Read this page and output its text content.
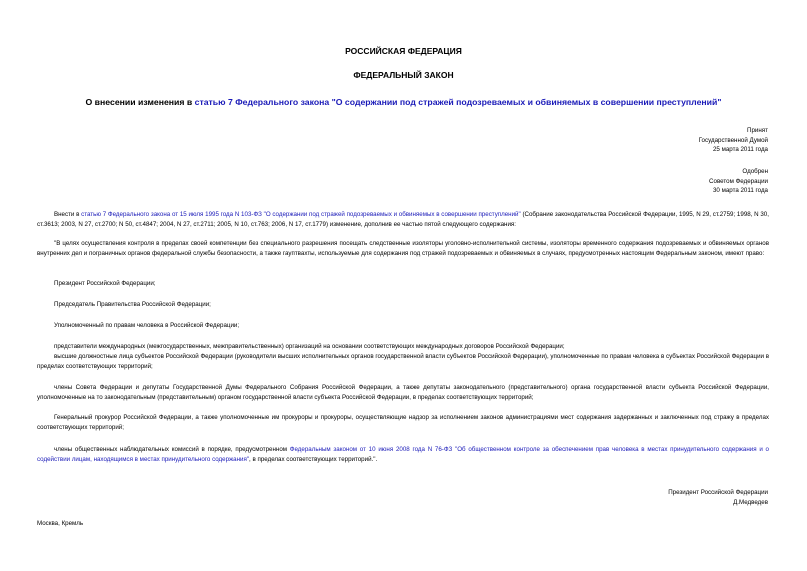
РОССИЙСКАЯ ФЕДЕРАЦИЯ
ФЕДЕРАЛЬНЫЙ ЗАКОН
О внесении изменения в статью 7 Федерального закона "О содержании под стражей подозреваемых и обвиняемых в совершении преступлений"
Принят
Государственной Думой
25 марта 2011 года
Одобрен
Советом Федерации
30 марта 2011 года
Внести в статью 7 Федерального закона от 15 июля 1995 года N 103-ФЗ "О содержании под стражей подозреваемых и обвиняемых в совершении преступлений" (Собрание законодательства Российской Федерации, 1995, N 29, ст.2759; 1998, N 30, ст.3613; 2003, N 27, ст.2700; N 50, ст.4847; 2004, N 27, ст.2711; 2005, N 10, ст.763; 2006, N 17, ст.1779) изменение, дополнив ее частью пятой следующего содержания:
"В целях осуществления контроля в пределах своей компетенции без специального разрешения посещать следственные изоляторы уголовно-исполнительной системы, изоляторы временного содержания подозреваемых и обвиняемых органов внутренних дел и пограничных органов федеральной службы безопасности, а также гауптвахты, используемые для содержания под стражей подозреваемых и обвиняемых в случаях, предусмотренных настоящим Федеральным законом, имеют право:
Президент Российской Федерации;
Председатель Правительства Российской Федерации;
Уполномоченный по правам человека в Российской Федерации;
представители международных (межгосударственных, межправительственных) организаций на основании соответствующих международных договоров Российской Федерации;
высшие должностные лица субъектов Российской Федерации (руководители высших исполнительных органов государственной власти субъектов Российской Федерации), уполномоченные по правам человека в субъектах Российской Федерации в пределах соответствующих территорий;
члены Совета Федерации и депутаты Государственной Думы Федерального Собрания Российской Федерации, а также депутаты законодательного (представительного) органа государственной власти субъекта Российской Федерации, уполномоченные на то законодательным (представительным) органом государственной власти субъекта Российской Федерации, в пределах соответствующих территорий;
Генеральный прокурор Российской Федерации, а также уполномоченные им прокуроры и прокуроры, осуществляющие надзор за исполнением законов администрациями мест содержания задержанных и заключенных под стражу в пределах соответствующих территорий;
члены общественных наблюдательных комиссий в порядке, предусмотренном Федеральным законом от 10 июня 2008 года N 76-ФЗ "Об общественном контроле за обеспечением прав человека в местах принудительного содержания и о содействии лицам, находящимся в местах принудительного содержания", в пределах соответствующих территорий.".
Президент Российской Федерации
Д.Медведев
Москва, Кремль
